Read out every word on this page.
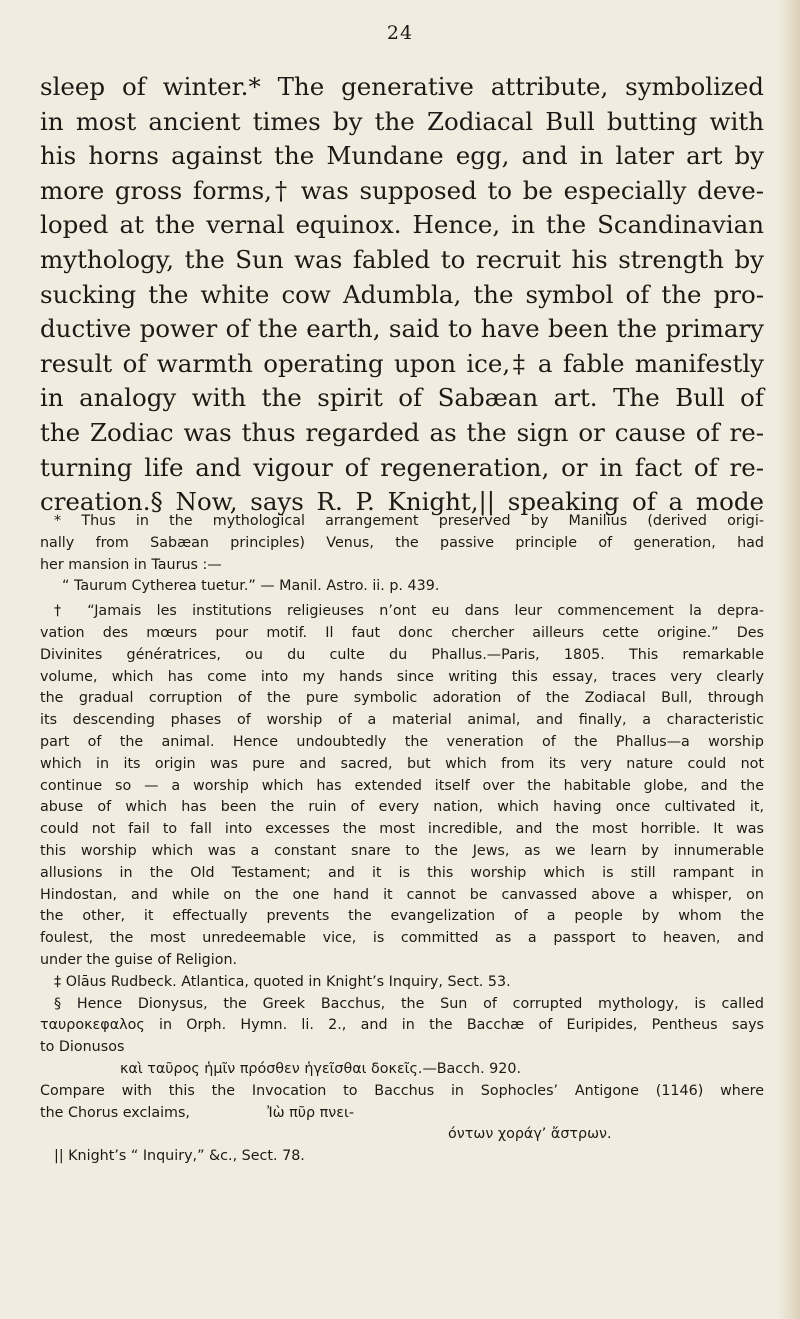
24
sleep of winter.* The generative attribute, symbolized
in most ancient times by the Zodiacal Bull butting with
his horns against the Mundane egg, and in later art by
more gross forms,† was supposed to be especially deve-
loped at the vernal equinox. Hence, in the Scandinavian
mythology, the Sun was fabled to recruit his strength by
sucking the white cow Adumbla, the symbol of the pro-
ductive power of the earth, said to have been the primary
result of warmth operating upon ice,‡ a fable manifestly
in analogy with the spirit of Sabæan art. The Bull of
the Zodiac was thus regarded as the sign or cause of re-
turning life and vigour of regeneration, or in fact of re-
creation.§ Now, says R. P. Knight,|| speaking of a mode
* Thus in the mythological arrangement preserved by Manilius (derived origi-
nally from Sabæan principles) Venus, the passive principle of generation, had
her mansion in Taurus :—
“ Taurum Cytherea tuetur.” — Manil. Astro. ii. p. 439.
† “Jamais les institutions religieuses n’ont eu dans leur commencement la depra-
vation des mœurs pour motif. Il faut donc chercher ailleurs cette origine.” Des
Divinites génératrices, ou du culte du Phallus.—Paris, 1805. This remarkable
volume, which has come into my hands since writing this essay, traces very clearly
the gradual corruption of the pure symbolic adoration of the Zodiacal Bull, through
its descending phases of worship of a material animal, and finally, a characteristic
part of the animal. Hence undoubtedly the veneration of the Phallus—a worship
which in its origin was pure and sacred, but which from its very nature could not
continue so — a worship which has extended itself over the habitable globe, and the
abuse of which has been the ruin of every nation, which having once cultivated it,
could not fail to fall into excesses the most incredible, and the most horrible. It was
this worship which was a constant snare to the Jews, as we learn by innumerable
allusions in the Old Testament; and it is this worship which is still rampant in
Hindostan, and while on the one hand it cannot be canvassed above a whisper, on
the other, it effectually prevents the evangelization of a people by whom the
foulest, the most unredeemable vice, is committed as a passport to heaven, and
under the guise of Religion.
‡ Olāus Rudbeck. Atlantica, quoted in Knight’s Inquiry, Sect. 53.
§ Hence Dionysus, the Greek Bacchus, the Sun of corrupted mythology, is called
ταυροκεφαλος in Orph. Hymn. li. 2., and in the Bacchæ of Euripides, Pentheus says
to Dionusos
καὶ ταῦρος ἡμῖν πρόσθεν ἡγεῖσθαι δοκεῖς.—Bacch. 920.
Compare with this the Invocation to Bacchus in Sophocles’ Antigone (1146) where
the Chorus exclaims,                 Ἰὼ πῦρ πνει-
όντων χοράγ’ ἄστρων.
|| Knight’s “ Inquiry,” &c., Sect. 78.
